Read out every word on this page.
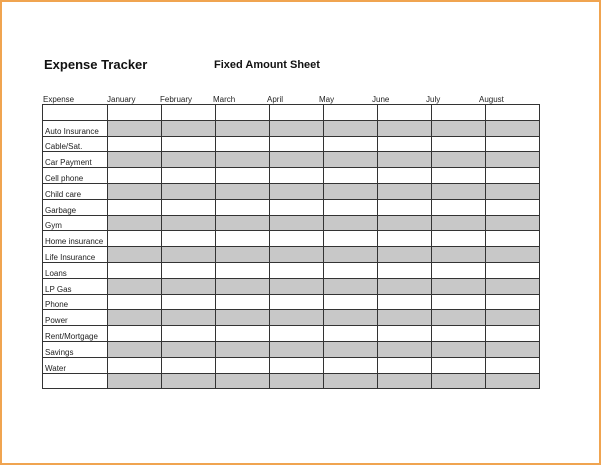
Expense Tracker	Fixed Amount Sheet
Expense	January	February	March	April	May	June	July	August

Auto Insurance								
Cable/Sat.								
Car Payment								
Cell phone								
Child care								
Garbage								
Gym								
Home insurance								
Life Insurance								
Loans								
LP Gas								
Phone								
Power								
Rent/Mortgage								
Savings								
Water								
